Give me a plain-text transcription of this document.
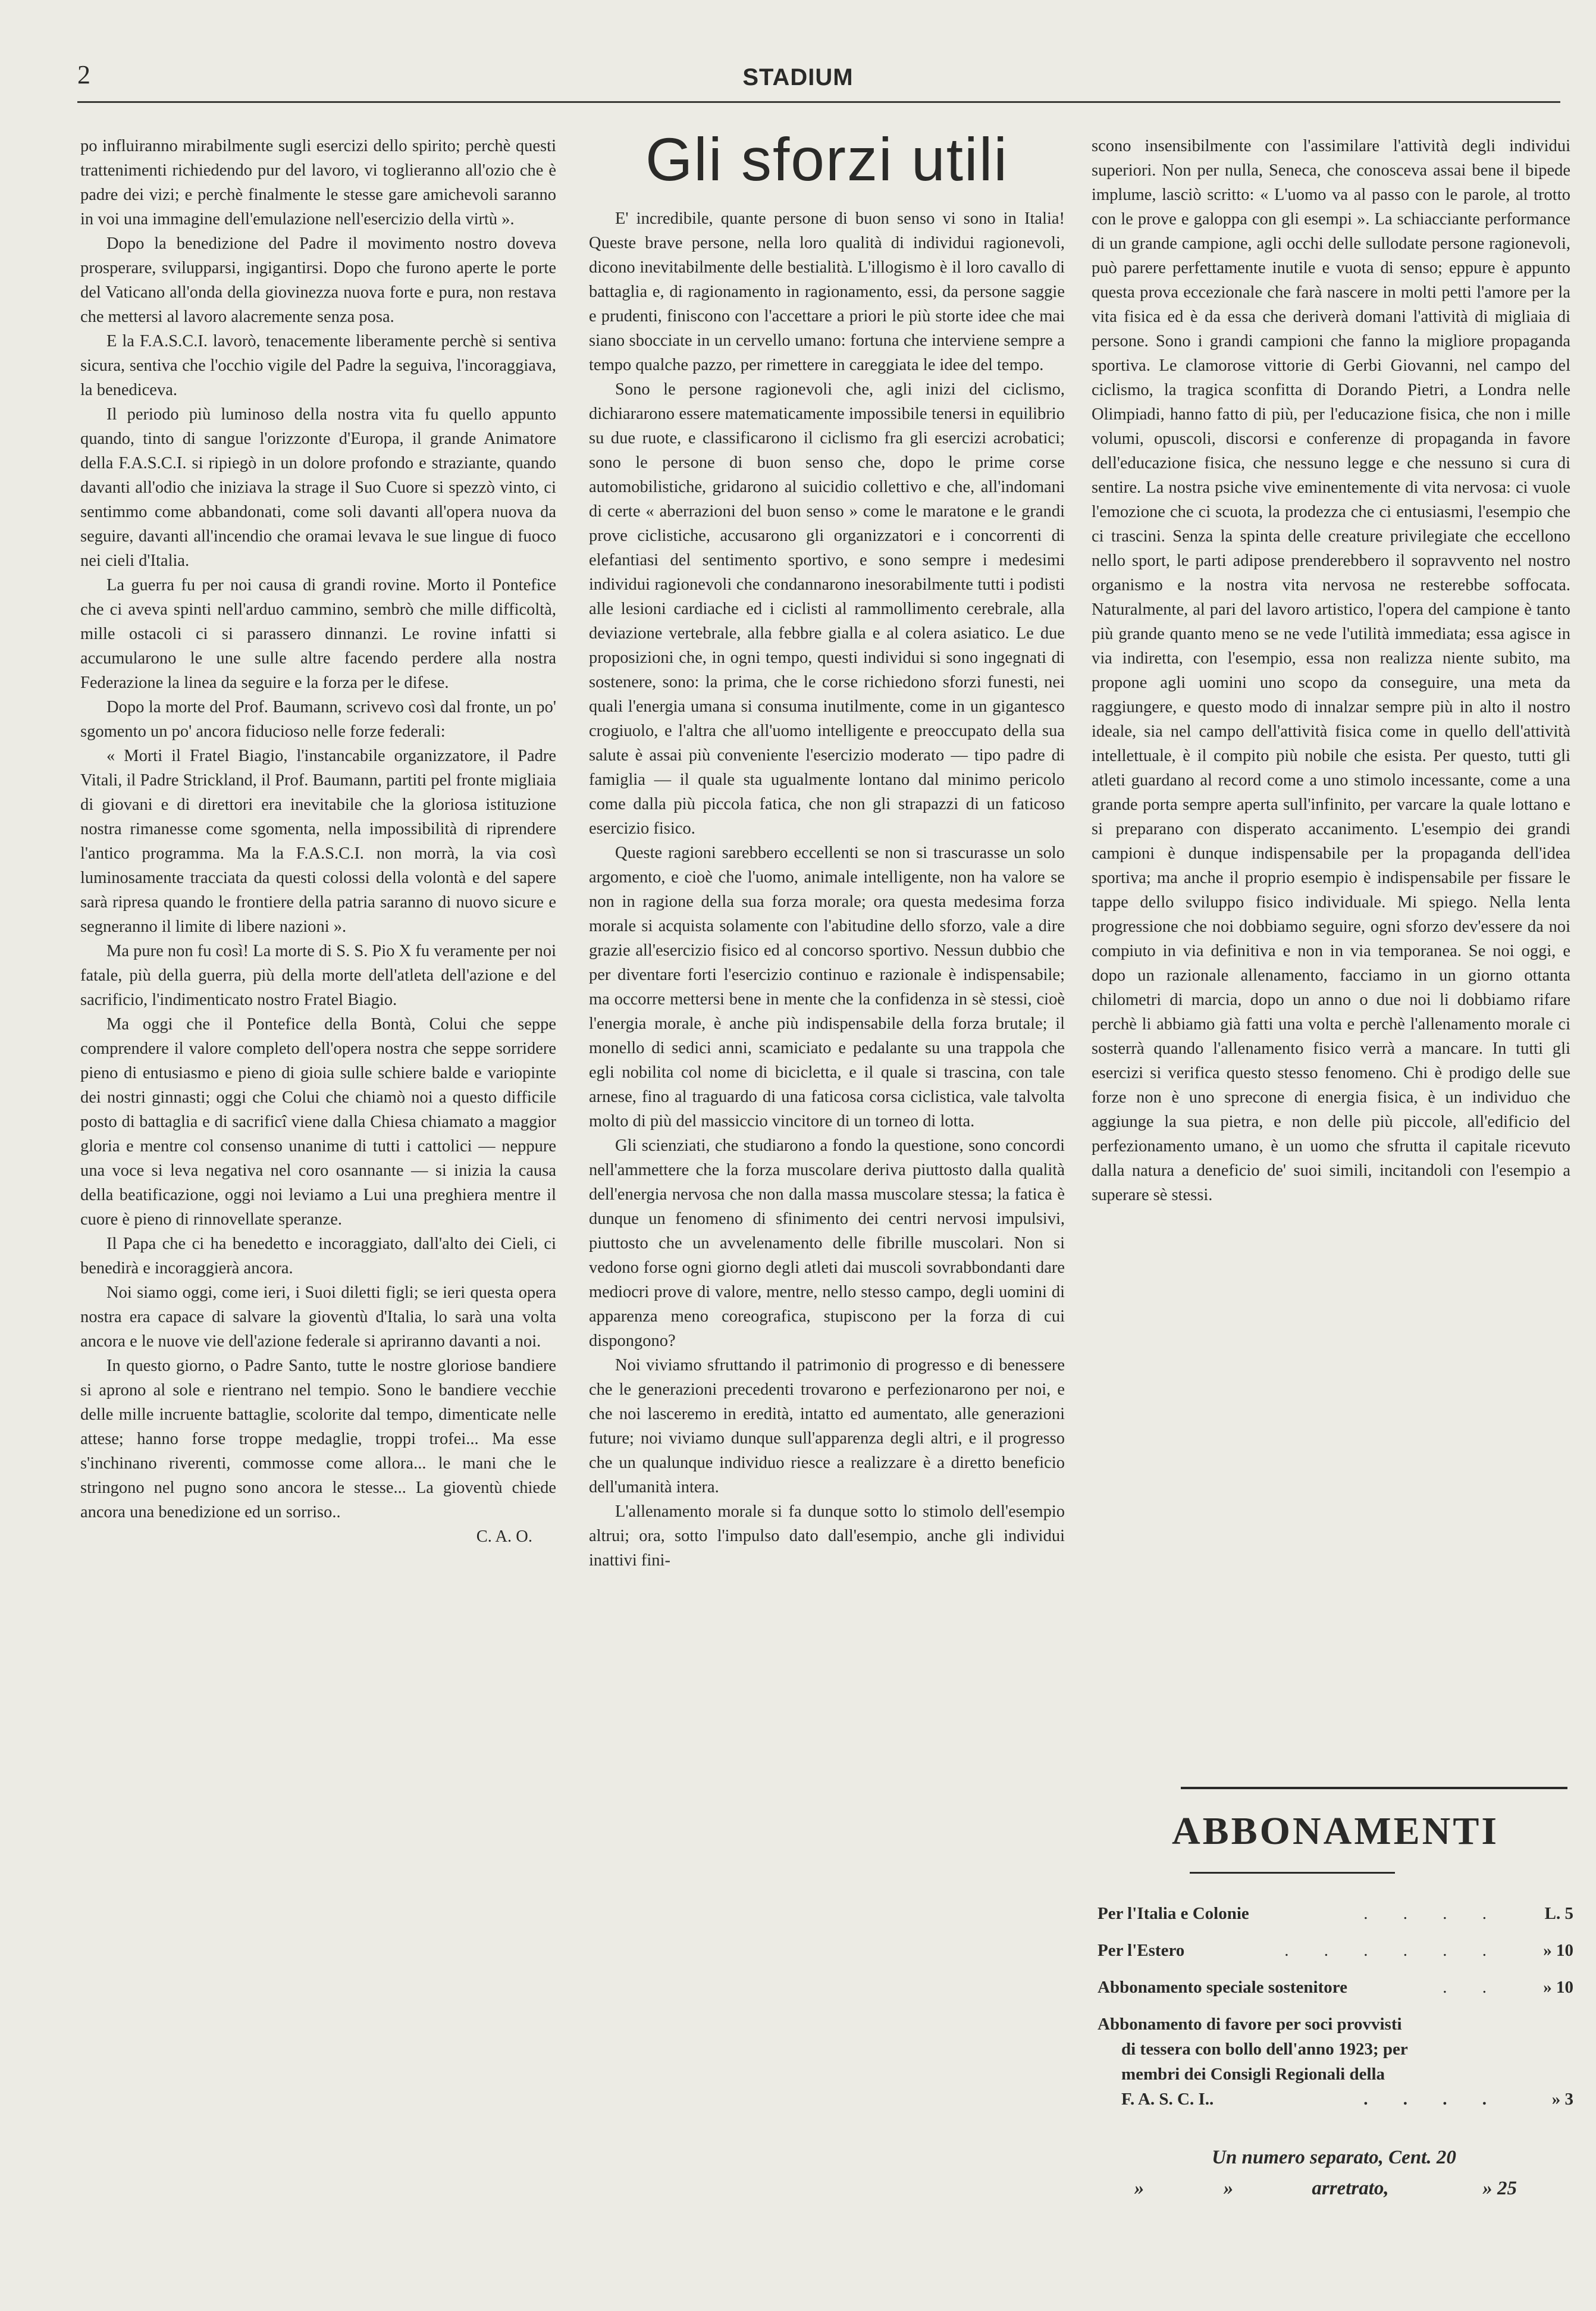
2	STADIUM

po influiranno mirabilmente sugli esercizi dello spirito; perchè questi trattenimenti richiedendo pur del lavoro, vi toglieranno all'ozio che è padre dei vizi; e perchè finalmente le stesse gare amichevoli saranno in voi una immagine dell'emulazione nell'esercizio della virtù ».

Dopo la benedizione del Padre il movimento nostro doveva prosperare, svilupparsi, ingigantirsi. Dopo che furono aperte le porte del Vaticano all'onda della giovinezza nuova forte e pura, non restava che mettersi al lavoro alacremente senza posa.

E la F.A.S.C.I. lavorò, tenacemente liberamente perchè si sentiva sicura, sentiva che l'occhio vigile del Padre la seguiva, l'incoraggiava, la benediceva.

Il periodo più luminoso della nostra vita fu quello appunto quando, tinto di sangue l'orizzonte d'Europa, il grande Animatore della F.A.S.C.I. si ripiegò in un dolore profondo e straziante, quando davanti all'odio che iniziava la strage il Suo Cuore si spezzò vinto, ci sentimmo come abbandonati, come soli davanti all'opera nuova da seguire, davanti all'incendio che oramai levava le sue lingue di fuoco nei cieli d'Italia.

La guerra fu per noi causa di grandi rovine. Morto il Pontefice che ci aveva spinti nell'arduo cammino, sembrò che mille difficoltà, mille ostacoli ci si parassero dinnanzi. Le rovine infatti si accumularono le une sulle altre facendo perdere alla nostra Federazione la linea da seguire e la forza per le difese.

Dopo la morte del Prof. Baumann, scrivevo così dal fronte, un po' sgomento un po' ancora fiducioso nelle forze federali:

« Morti il Fratel Biagio, l'instancabile organizzatore, il Padre Vitali, il Padre Strickland, il Prof. Baumann, partiti pel fronte migliaia di giovani e di direttori era inevitabile che la gloriosa istituzione nostra rimanesse come sgomenta, nella impossibilità di riprendere l'antico programma. Ma la F.A.S.C.I. non morrà, la via così luminosamente tracciata da questi colossi della volontà e del sapere sarà ripresa quando le frontiere della patria saranno di nuovo sicure e segneranno il limite di libere nazioni ».

Ma pure non fu così! La morte di S. S. Pio X fu veramente per noi fatale, più della guerra, più della morte dell'atleta dell'azione e del sacrificio, l'indimenticato nostro Fratel Biagio.

Ma oggi che il Pontefice della Bontà, Colui che seppe comprendere il valore completo dell'opera nostra che seppe sorridere pieno di entusiasmo e pieno di gioia sulle schiere balde e variopinte dei nostri ginnasti; oggi che Colui che chiamò noi a questo difficile posto di battaglia e di sacrificî viene dalla Chiesa chiamato a maggior gloria e mentre col consenso unanime di tutti i cattolici — neppure una voce si leva negativa nel coro osannante — si inizia la causa della beatificazione, oggi noi leviamo a Lui una preghiera mentre il cuore è pieno di rinnovellate speranze.

Il Papa che ci ha benedetto e incoraggiato, dall'alto dei Cieli, ci benedirà e incoraggierà ancora.

Noi siamo oggi, come ieri, i Suoi diletti figli; se ieri questa opera nostra era capace di salvare la gioventù d'Italia, lo sarà una volta ancora e le nuove vie dell'azione federale si apriranno davanti a noi.

In questo giorno, o Padre Santo, tutte le nostre gloriose bandiere si aprono al sole e rientrano nel tempio. Sono le bandiere vecchie delle mille incruente battaglie, scolorite dal tempo, dimenticate nelle attese; hanno forse troppe medaglie, troppi trofei... Ma esse s'inchinano riverenti, commosse come allora... le mani che le stringono nel pugno sono ancora le stesse... La gioventù chiede ancora una benedizione ed un sorriso..

C. A. O.

Gli sforzi utili

E' incredibile, quante persone di buon senso vi sono in Italia! Queste brave persone, nella loro qualità di individui ragionevoli, dicono inevitabilmente delle bestialità. L'illogismo è il loro cavallo di battaglia e, di ragionamento in ragionamento, essi, da persone saggie e prudenti, finiscono con l'accettare a priori le più storte idee che mai siano sbocciate in un cervello umano: fortuna che interviene sempre a tempo qualche pazzo, per rimettere in careggiata le idee del tempo.

Sono le persone ragionevoli che, agli inizi del ciclismo, dichiararono essere matematicamente impossibile tenersi in equilibrio su due ruote, e classificarono il ciclismo fra gli esercizi acrobatici; sono le persone di buon senso che, dopo le prime corse automobilistiche, gridarono al suicidio collettivo e che, all'indomani di certe « aberrazioni del buon senso » come le maratone e le grandi prove ciclistiche, accusarono gli organizzatori e i concorrenti di elefantiasi del sentimento sportivo, e sono sempre i medesimi individui ragionevoli che condannarono inesorabilmente tutti i podisti alle lesioni cardiache ed i ciclisti al rammollimento cerebrale, alla deviazione vertebrale, alla febbre gialla e al colera asiatico. Le due proposizioni che, in ogni tempo, questi individui si sono ingegnati di sostenere, sono: la prima, che le corse richiedono sforzi funesti, nei quali l'energia umana si consuma inutilmente, come in un gigantesco crogiuolo, e l'altra che all'uomo intelligente e preoccupato della sua salute è assai più conveniente l'esercizio moderato — tipo padre di famiglia — il quale sta ugualmente lontano dal minimo pericolo come dalla più piccola fatica, che non gli strapazzi di un faticoso esercizio fisico.

Queste ragioni sarebbero eccellenti se non si trascurasse un solo argomento, e cioè che l'uomo, animale intelligente, non ha valore se non in ragione della sua forza morale; ora questa medesima forza morale si acquista solamente con l'abitudine dello sforzo, vale a dire grazie all'esercizio fisico ed al concorso sportivo. Nessun dubbio che per diventare forti l'esercizio continuo e razionale è indispensabile; ma occorre mettersi bene in mente che la confidenza in sè stessi, cioè l'energia morale, è anche più indispensabile della forza brutale; il monello di sedici anni, scamiciato e pedalante su una trappola che egli nobilita col nome di bicicletta, e il quale si trascina, con tale arnese, fino al traguardo di una faticosa corsa ciclistica, vale talvolta molto di più del massiccio vincitore di un torneo di lotta.

Gli scienziati, che studiarono a fondo la questione, sono concordi nell'ammettere che la forza muscolare deriva piuttosto dalla qualità dell'energia nervosa che non dalla massa muscolare stessa; la fatica è dunque un fenomeno di sfinimento dei centri nervosi impulsivi, piuttosto che un avvelenamento delle fibrille muscolari. Non si vedono forse ogni giorno degli atleti dai muscoli sovrabbondanti dare mediocri prove di valore, mentre, nello stesso campo, degli uomini di apparenza meno coreografica, stupiscono per la forza di cui dispongono?

Noi viviamo sfruttando il patrimonio di progresso e di benessere che le generazioni precedenti trovarono e perfezionarono per noi, e che noi lasceremo in eredità, intatto ed aumentato, alle generazioni future; noi viviamo dunque sull'apparenza degli altri, e il progresso che un qualunque individuo riesce a realizzare è a diretto beneficio dell'umanità intera.

L'allenamento morale si fa dunque sotto lo stimolo dell'esempio altrui; ora, sotto l'impulso dato dall'esempio, anche gli individui inattivi fini-

scono insensibilmente con l'assimilare l'attività degli individui superiori. Non per nulla, Seneca, che conosceva assai bene il bipede implume, lasciò scritto: « L'uomo va al passo con le parole, al trotto con le prove e galoppa con gli esempi ». La schiacciante performance di un grande campione, agli occhi delle sullodate persone ragionevoli, può parere perfettamente inutile e vuota di senso; eppure è appunto questa prova eccezionale che farà nascere in molti petti l'amore per la vita fisica ed è da essa che deriverà domani l'attività di migliaia di persone. Sono i grandi campioni che fanno la migliore propaganda sportiva. Le clamorose vittorie di Gerbi Giovanni, nel campo del ciclismo, la tragica sconfitta di Dorando Pietri, a Londra nelle Olimpiadi, hanno fatto di più, per l'educazione fisica, che non i mille volumi, opuscoli, discorsi e conferenze di propaganda in favore dell'educazione fisica, che nessuno legge e che nessuno si cura di sentire. La nostra psiche vive eminentemente di vita nervosa: ci vuole l'emozione che ci scuota, la prodezza che ci entusiasmi, l'esempio che ci trascini. Senza la spinta delle creature privilegiate che eccellono nello sport, le parti adipose prenderebbero il sopravvento nel nostro organismo e la nostra vita nervosa ne resterebbe soffocata. Naturalmente, al pari del lavoro artistico, l'opera del campione è tanto più grande quanto meno se ne vede l'utilità immediata; essa agisce in via indiretta, con l'esempio, essa non realizza niente subito, ma propone agli uomini uno scopo da conseguire, una meta da raggiungere, e questo modo di innalzar sempre più in alto il nostro ideale, sia nel campo dell'attività fisica come in quello dell'attività intellettuale, è il compito più nobile che esista. Per questo, tutti gli atleti guardano al record come a uno stimolo incessante, come a una grande porta sempre aperta sull'infinito, per varcare la quale lottano e si preparano con disperato accanimento. L'esempio dei grandi campioni è dunque indispensabile per la propaganda dell'idea sportiva; ma anche il proprio esempio è indispensabile per fissare le tappe dello sviluppo fisico individuale. Mi spiego. Nella lenta progressione che noi dobbiamo seguire, ogni sforzo dev'essere da noi compiuto in via definitiva e non in via temporanea. Se noi oggi, e dopo un razionale allenamento, facciamo in un giorno ottanta chilometri di marcia, dopo un anno o due noi li dobbiamo rifare perchè li abbiamo già fatti una volta e perchè l'allenamento morale ci sosterrà quando l'allenamento fisico verrà a mancare. In tutti gli esercizi si verifica questo stesso fenomeno. Chi è prodigo delle sue forze non è uno sprecone di energia fisica, è un individuo che aggiunge la sua pietra, e non delle più piccole, all'edificio del perfezionamento umano, è un uomo che sfrutta il capitale ricevuto dalla natura a deneficio de' suoi simili, incitandoli con l'esempio a superare sè stessi.

ABBONAMENTI
Per l'Italia e Colonie	. . . .	L. 5
Per l'Estero	. . . . . .	» 10
Abbonamento speciale sostenitore	. .	» 10
Abbonamento di favore per soci provvisti
di tessera con bollo dell'anno 1923; per
membri dei Consigli Regionali della
F. A. S. C. I..	. . . .	» 3
Un numero separato, Cent. 20
»	»	arretrato,	» 25
